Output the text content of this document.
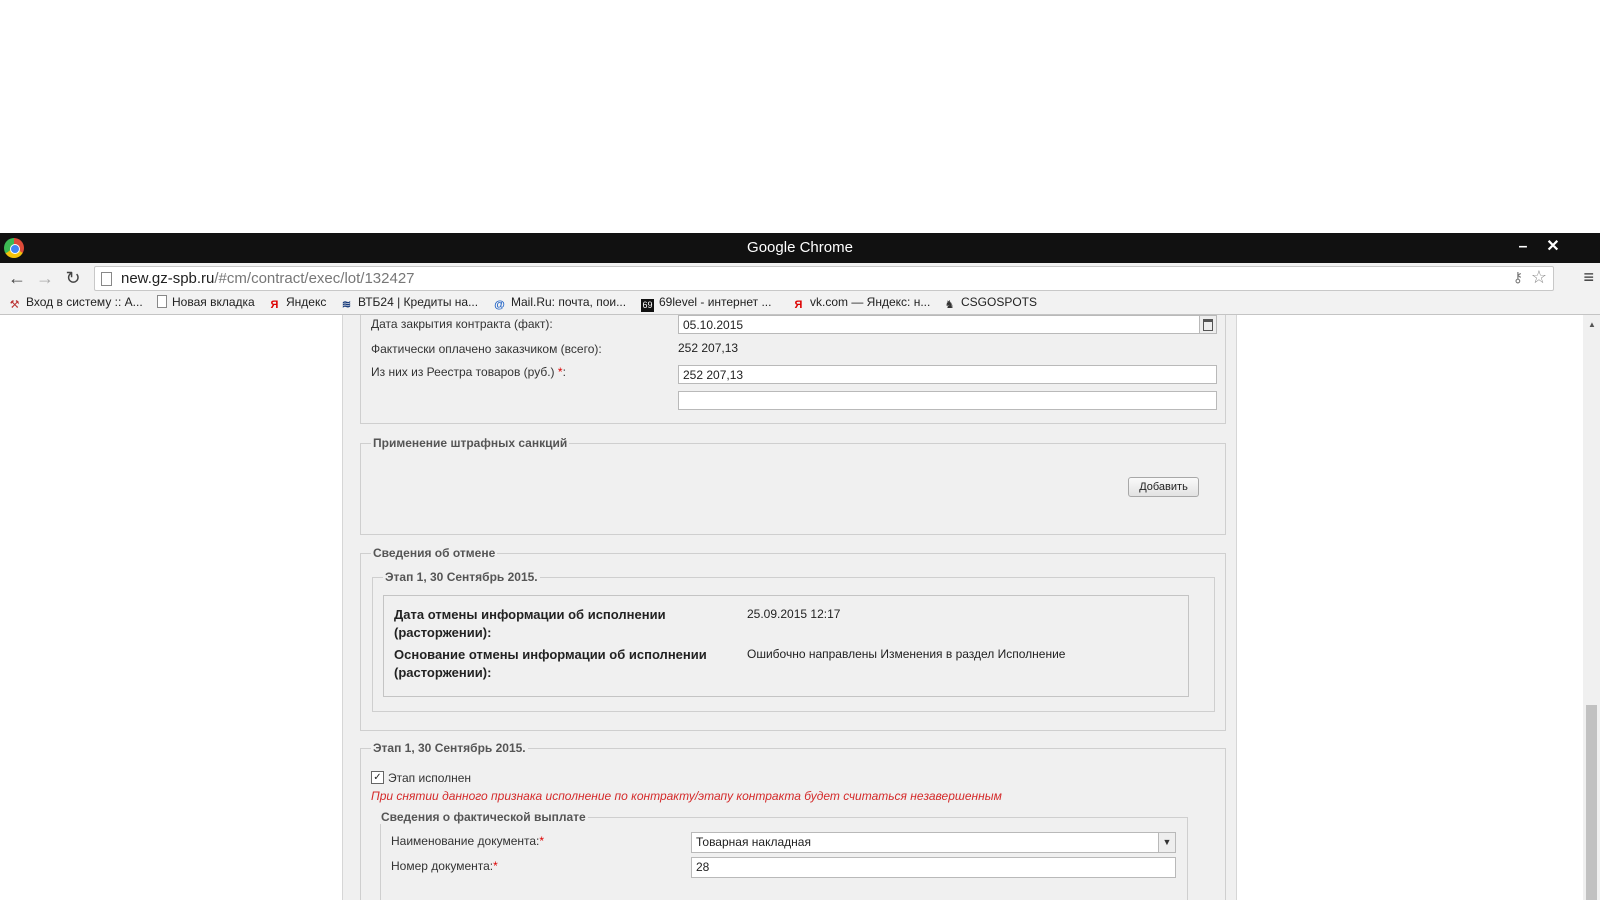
Google Chrome	–	✕
← → ↻	new.gz-spb.ru/#cm/contract/exec/lot/132427	⚷ ☆ ≡
⚒ Вход в систему :: А...	Новая вкладка Я Яндекс ≋ ВТБ24 | Кредиты на... @ Mail.Ru: почта, пои... 69 69level - интернет ... Я vk.com — Яндекс: н... ♞ CSGOSPOTS
Дата закрытия контракта (факт):	05.10.2015
Фактически оплачено заказчиком (всего):	252 207,13
Из них из Реестра товаров (руб.) *:	252 207,13
Применение штрафных санкций
Добавить
Сведения об отмене
Этап 1, 30 Сентябрь 2015.
Дата отмены информации об исполнении (расторжении):
25.09.2015 12:17
Основание отмены информации об исполнении (расторжении):
Ошибочно направлены Изменения в раздел Исполнение
Этап 1, 30 Сентябрь 2015.
✓ Этап исполнен
При снятии данного признака исполнение по контракту/этапу контракта будет считаться незавершенным
Сведения о фактической выплате
Наименование документа:*	Товарная накладная	▼
Номер документа:*	28
▲
